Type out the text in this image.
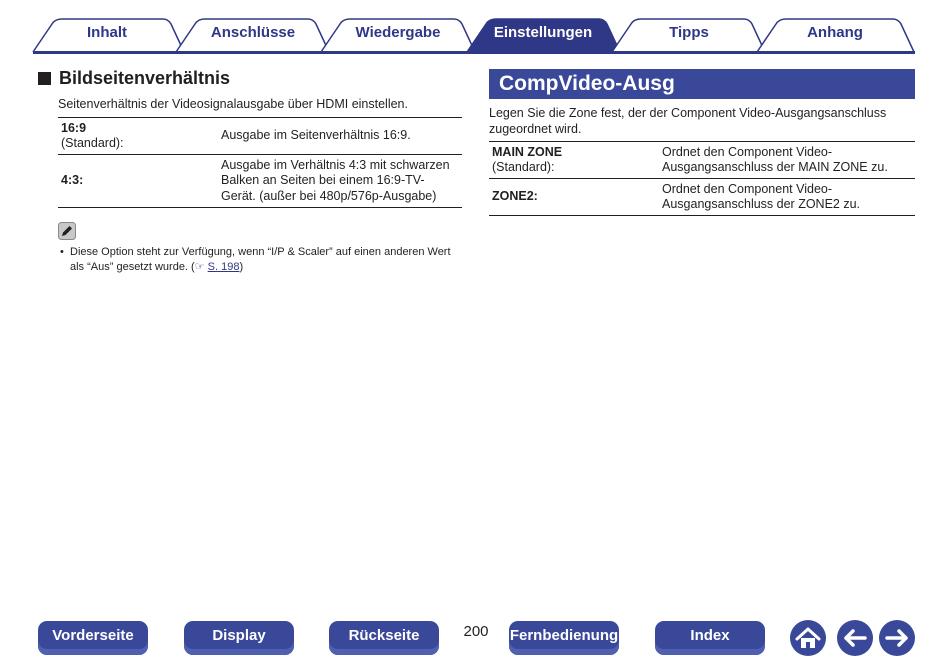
Inhalt	Anschlüsse	Wiedergabe	Einstellungen	Tipps	Anhang
Bildseitenverhältnis
Seitenverhältnis der Videosignalausgabe über HDMI einstellen.
16:9
(Standard):	Ausgabe im Seitenverhältnis 16:9.

4:3:	Ausgabe im Verhältnis 4:3 mit schwarzen Balken an Seiten bei einem 16:9-TV-Gerät. (außer bei 480p/576p-Ausgabe)
• Diese Option steht zur Verfügung, wenn “I/P & Scaler” auf einen anderen Wert als “Aus” gesetzt wurde. (☞ S. 198)
CompVideo-Ausg
Legen Sie die Zone fest, der der Component Video-Ausgangsanschluss zugeordnet wird.
MAIN ZONE
(Standard):	Ordnet den Component Video-Ausgangsanschluss der MAIN ZONE zu.

ZONE2:	Ordnet den Component Video-Ausgangsanschluss der ZONE2 zu.
Vorderseite	Display	Rückseite	200 Fernbedienung	Index
